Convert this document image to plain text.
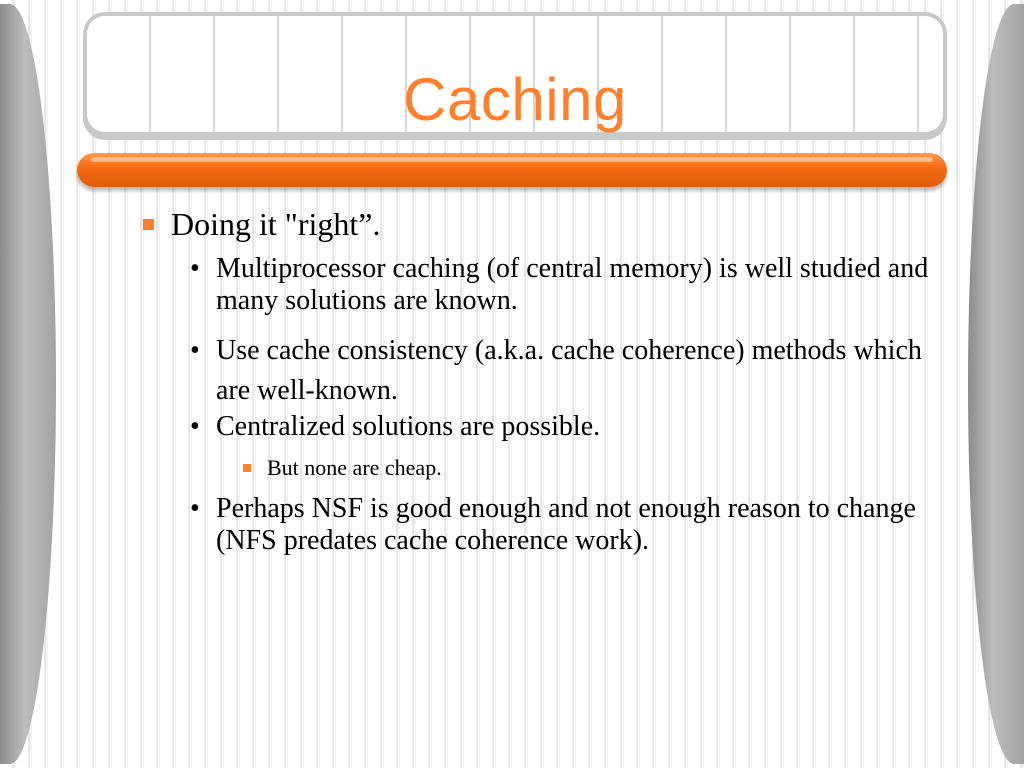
Caching

Doing it "right”.

• Multiprocessor caching (of central memory) is well studied and many solutions are known.

• Use cache consistency (a.k.a. cache coherence) methods which are well-known.

• Centralized solutions are possible.

But none are cheap.

• Perhaps NSF is good enough and not enough reason to change (NFS predates cache coherence work).
